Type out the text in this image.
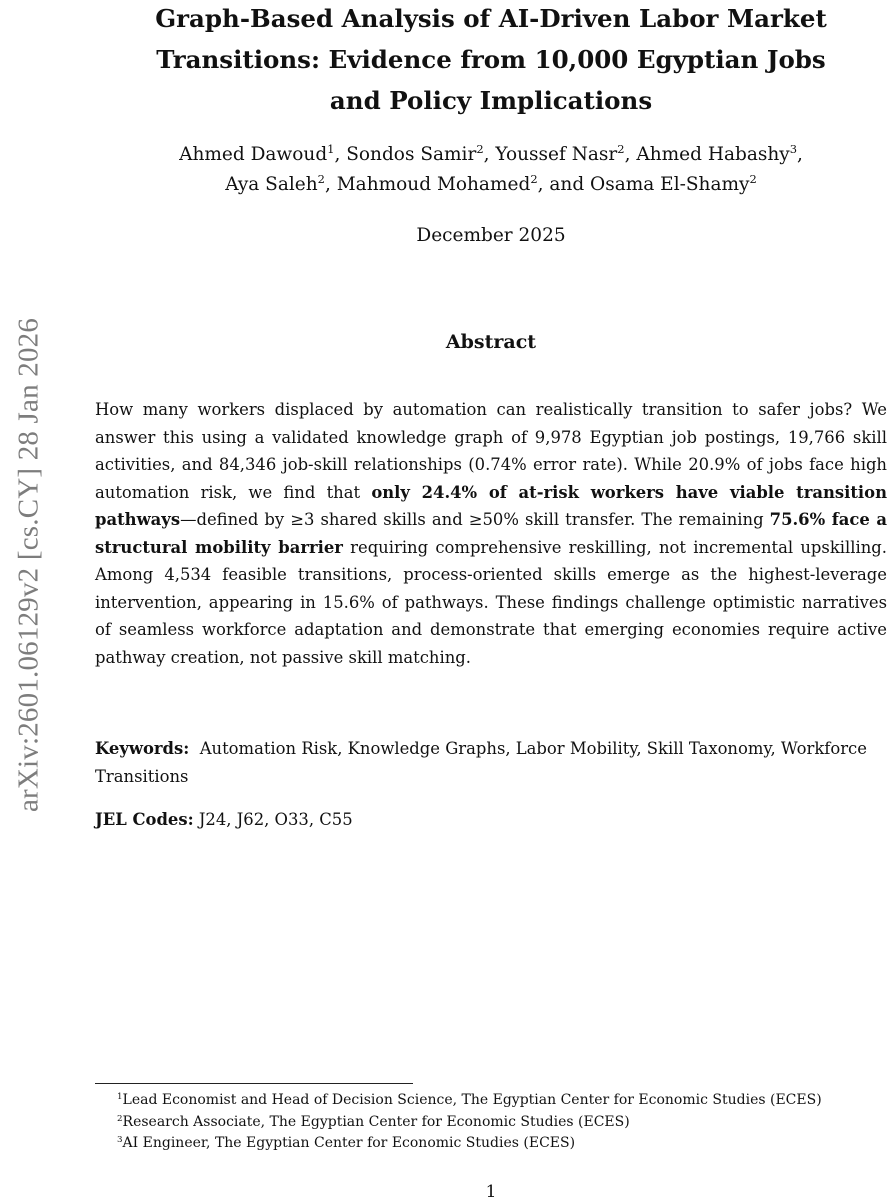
arXiv:2601.06129v2 [cs.CY] 28 Jan 2026
Graph-Based Analysis of AI-Driven Labor Market
Transitions: Evidence from 10,000 Egyptian Jobs
and Policy Implications
Ahmed Dawoud$^1$, Sondos Samir$^2$, Youssef Nasr$^2$, Ahmed Habashy$^3$,
Aya Saleh$^2$, Mahmoud Mohamed$^2$, and Osama El-Shamy$^2$
December 2025
Abstract

How many workers displaced by automation can realistically transition to safer jobs? We answer this using a validated knowledge graph of 9,978 Egyptian job postings, 19,766 skill activities, and 84,346 job-skill relationships (0.74% error rate). While 20.9% of jobs face high automation risk, we find that only 24.4% of at-risk workers have viable transition pathways—defined by ≥3 shared skills and ≥50% skill transfer. The remaining 75.6% face a structural mobility barrier requiring comprehensive reskilling, not incremental upskilling. Among 4,534 feasible transitions, process-oriented skills emerge as the highest-leverage intervention, appearing in 15.6% of pathways. These findings challenge optimistic narratives of seamless workforce adaptation and demonstrate that emerging economies require active pathway creation, not passive skill matching.

Keywords: Automation Risk, Knowledge Graphs, Labor Mobility, Skill Taxonomy, Workforce Transitions

JEL Codes: J24, J62, O33, C55

$^1$Lead Economist and Head of Decision Science, The Egyptian Center for Economic Studies (ECES)
$^2$Research Associate, The Egyptian Center for Economic Studies (ECES)
$^3$AI Engineer, The Egyptian Center for Economic Studies (ECES)
1
